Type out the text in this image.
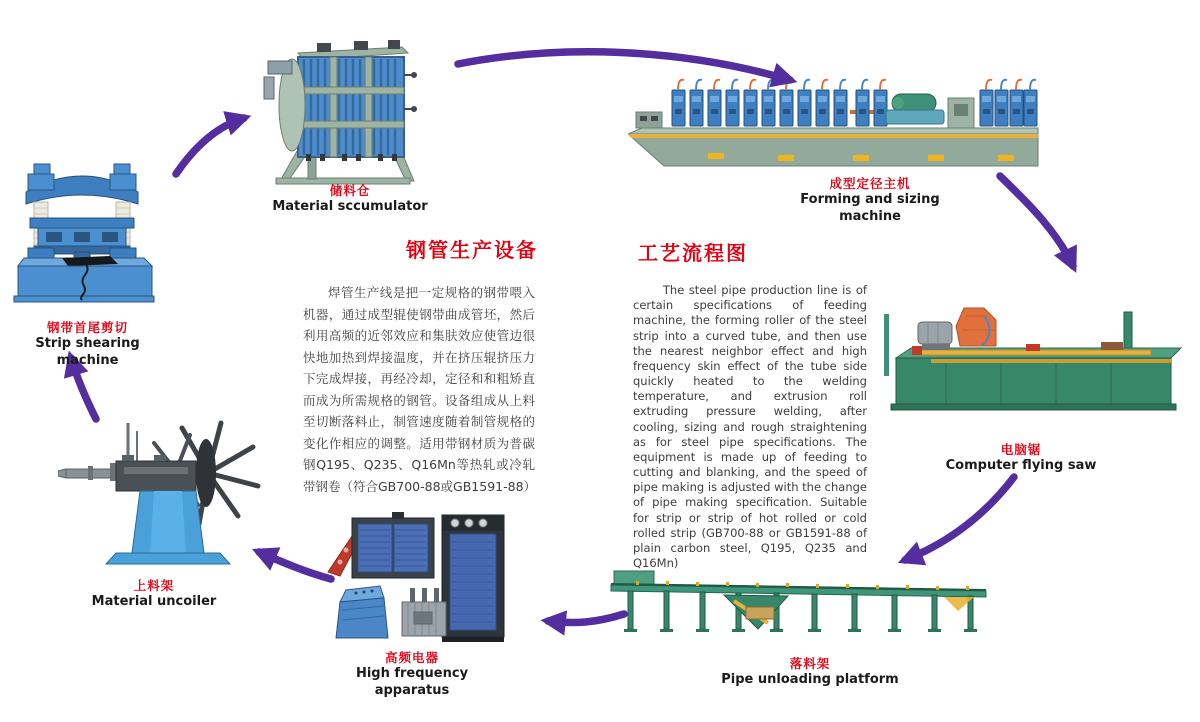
储料仓
Material sccumulator
成型定径主机
Forming and sizing machine
钢带首尾剪切
Strip shearing machine
电脑锯
Computer flying saw
上料架
Material uncoiler
高频电器
High frequency apparatus
落料架
Pipe unloading platform
钢管生产设备
焊管生产线是把一定规格的钢带喂入机器，通过成型辊使钢带曲成管坯，然后利用高频的近邻效应和集肤效应使管边很快地加热到焊接温度，并在挤压辊挤压力下完成焊接，再经冷却，定径和和粗矫直而成为所需规格的钢管。设备组成从上料至切断落料止，制管速度随着制管规格的变化作相应的调整。适用带钢材质为普碳钢Q195、Q235、Q16Mn等热轧或冷轧带钢卷（符合GB700-88或GB1591-88）
工艺流程图
The steel pipe production line is of certain specifications of feeding machine, the forming roller of the steel strip into a curved tube, and then use the nearest neighbor effect and high frequency skin effect of the tube side quickly heated to the welding temperature, and extrusion roll extruding pressure welding, after cooling, sizing and rough straightening as for steel pipe specifications. The equipment is made up of feeding to cutting and blanking, and the speed of pipe making is adjusted with the change of pipe making specification. Suitable for strip or strip of hot rolled or cold rolled strip (GB700-88 or GB1591-88 of plain carbon steel, Q195, Q235 and Q16Mn)
